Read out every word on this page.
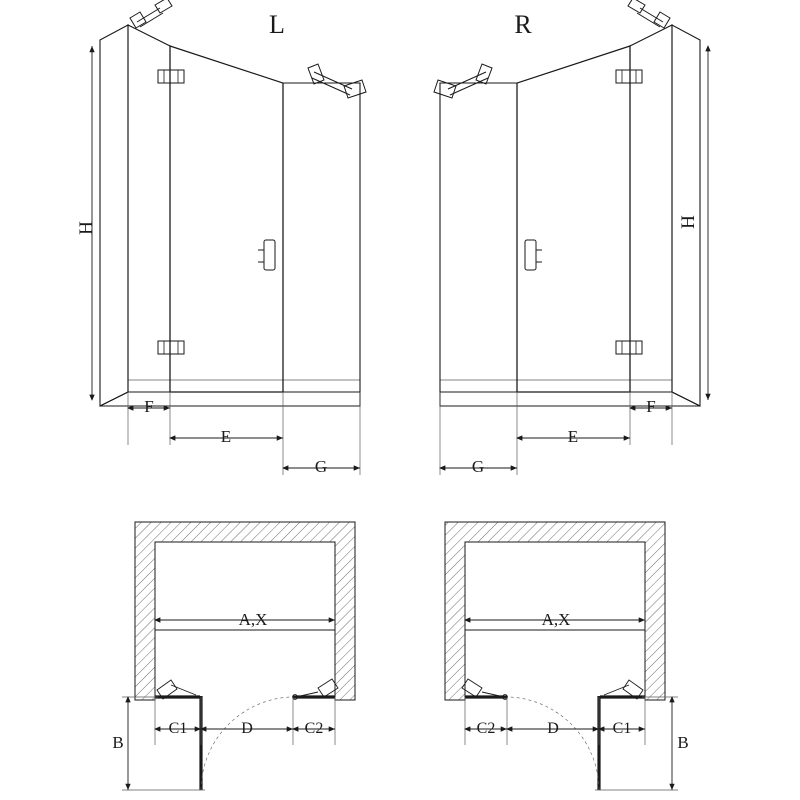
L
H
F
E
G
R
H
F
E
G
A,X
C1	D	C2
B
A,X
C1
D
C2
B
